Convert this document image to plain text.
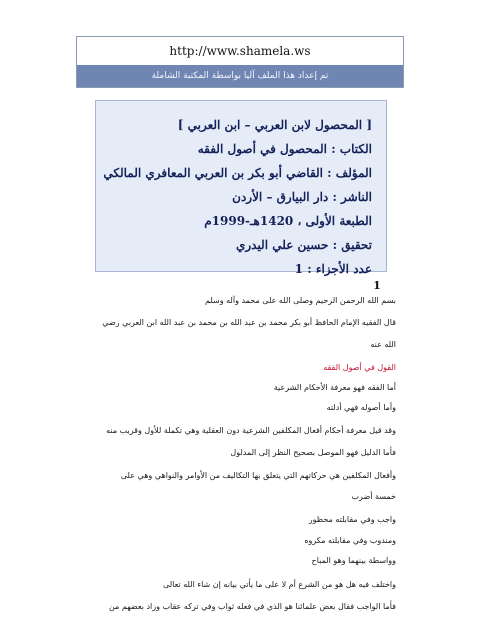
http://www.shamela.ws
تم إعداد هذا الملف آليا بواسطة المكتبة الشاملة
[ المحصول لابن العربي – ابن العربي ]
الكتاب : المحصول في أصول الفقه
المؤلف : القاضي أبو بكر بن العربي المعافري المالكي
الناشر : دار البيارق – الأردن
الطبعة الأولى ، 1420هـ-1999م
تحقيق : حسين علي اليدري
عدد الأجزاء : 1
1
بسم الله الرحمن الرحيم وصلى الله على محمد وآله وسلم
قال الفقيه الإمام الحافظ أبو بكر محمد بن عبد الله بن محمد بن عبد الله ابن العربي رضي
الله عنه
القول في أصول الفقه
أما الفقه فهو معرفة الأحكام الشرعية
وأما أصوله فهي أدلته
وقد قيل معرفة أحكام أفعال المكلفين الشرعية دون العقلية وهي تكملة للأول وقريب منه
فأما الدليل فهو الموصل بصحيح النظر إلى المدلول
وأفعال المكلفين هي حركاتهم التي يتعلق بها التكاليف من الأوامر والنواهي وهي على
خمسة أضرب
واجب وفي مقابلته محظور
ومندوب وفي مقابلته مكروه
وواسطة بينهما وهو المباح
واختلف فيه هل هو من الشرع أم لا على ما يأتي بيانه إن شاء الله تعالى
فأما الواجب فقال بعض علمائنا هو الذي في فعله ثواب وفي تركه عقاب وزاد بعضهم من
